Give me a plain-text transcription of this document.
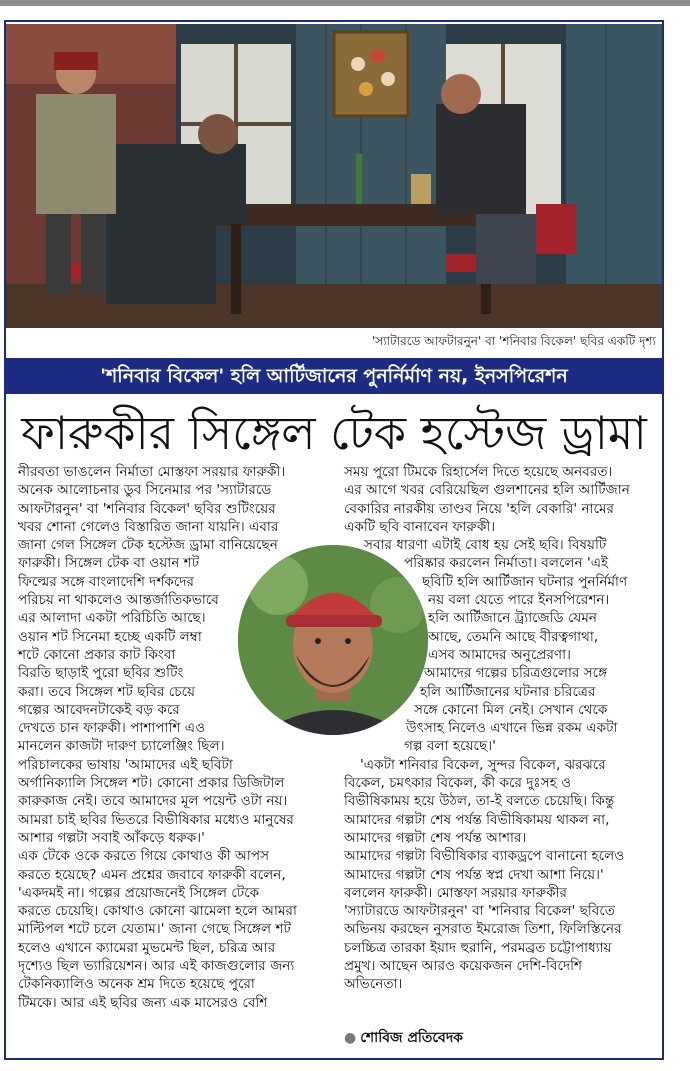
'স্যাটারডে আফটারনুন' বা 'শনিবার বিকেল' ছবির একটি দৃশ্য
'শনিবার বিকেল' হলি আর্টিজানের পুনর্নির্মাণ নয়, ইনসপিরেশন
ফারুকীর সিঙ্গেল টেক হস্টেজ ড্রামা

নীরবতা ভাঙলেন নির্মাতা মোস্তফা সরয়ার ফারুকী।
অনেক আলোচনার ডুব সিনেমার পর 'স্যাটারডে
আফটারনুন' বা 'শনিবার বিকেল' ছবির শুটিংয়ের
খবর শোনা গেলেও বিস্তারিত জানা যায়নি। এবার
জানা গেল সিঙ্গেল টেক হস্টেজ ড্রামা বানিয়েছেন
ফারুকী। সিঙ্গেল টেক বা ওয়ান শট
ফিল্মের সঙ্গে বাংলাদেশি দর্শকদের
পরিচয় না থাকলেও আন্তর্জাতিকভাবে
এর আলাদা একটা পরিচিতি আছে।
ওয়ান শট সিনেমা হচ্ছে একটি লম্বা
শটে কোনো প্রকার কাট কিংবা
বিরতি ছাড়াই পুরো ছবির শুটিং
করা। তবে সিঙ্গেল শট ছবির চেয়ে
গল্পের আবেদনটাকেই বড় করে
দেখতে চান ফারুকী। পাশাপাশি এও
মানলেন কাজটা দারুণ চ্যালেঞ্জিং ছিল।
পরিচালকের ভাষায় 'আমাদের এই ছবিটা
অর্গানিক্যালি সিঙ্গেল শট। কোনো প্রকার ডিজিটাল
কারুকাজ নেই। তবে আমাদের মূল পয়েন্ট ওটা নয়।
আমরা চাই ছবির ভিতরে বিভীষিকার মধ্যেও মানুষের
আশার গল্পটা সবাই আঁকড়ে ধরুক।'
এক টেকে ওকে করতে গিয়ে কোথাও কী আপস
করতে হয়েছে? এমন প্রশ্নের জবাবে ফারুকী বলেন,
'একদমই না। গল্পের প্রয়োজনেই সিঙ্গেল টেকে
করতে চেয়েছি। কোথাও কোনো ঝামেলা হলে আমরা
মাল্টিপল শটে চলে যেতাম।' জানা গেছে সিঙ্গেল শট
হলেও এখানে ক্যামেরা মুভমেন্ট ছিল, চরিত্র আর
দৃশ্যেও ছিল ভ্যারিয়েশন। আর এই কাজগুলোর জন্য
টেকনিক্যালিও অনেক শ্রম দিতে হয়েছে পুরো
টিমকে। আর এই ছবির জন্য এক মাসেরও বেশি

সময় পুরো টিমকে রিহার্সেল দিতে হয়েছে অনবরত।
এর আগে খবর বেরিয়েছিল গুলশানের হলি আর্টিজান
বেকারির নারকীয় তাণ্ডব নিয়ে 'হলি বেকারি' নামের
একটি ছবি বানাবেন ফারুকী।
সবার ধারণা এটাই বোধ হয় সেই ছবি। বিষয়টি
পরিষ্কার করলেন নির্মাতা। বললেন 'এই
ছবিটি হলি আর্টিজান ঘটনার পুনর্নির্মাণ
নয় বলা যেতে পারে ইনসপিরেশন।
হলি আর্টিজানে ট্র্যাজেডি যেমন
আছে, তেমনি আছে বীরত্বগাথা,
এসব আমাদের অনুপ্রেরণা।
আমাদের গল্পের চরিত্রগুলোর সঙ্গে
হলি আর্টিজানের ঘটনার চরিত্রের
সঙ্গে কোনো মিল নেই। সেখান থেকে
উৎসাহ নিলেও এখানে ভিন্ন রকম একটা
গল্প বলা হয়েছে।'
'একটা শনিবার বিকেল, সুন্দর বিকেল, ঝরঝরে
বিকেল, চমৎকার বিকেল, কী করে দুঃসহ ও
বিভীষিকাময় হয়ে উঠল, তা-ই বলতে চেয়েছি। কিন্তু
আমাদের গল্পটা শেষ পর্যন্ত বিভীষিকাময় থাকল না,
আমাদের গল্পটা শেষ পর্যন্ত আশার।
আমাদের গল্পটা বিভীষিকার ব্যাকড্রপে বানানো হলেও
আমাদের গল্পটা শেষ পর্যন্ত স্বপ্ন দেখা আশা নিয়ে।'
বললেন ফারুকী। মোস্তফা সরয়ার ফারুকীর
'স্যাটারডে আফটারনুন' বা 'শনিবার বিকেল' ছবিতে
অভিনয় করছেন নুসরাত ইমরোজ তিশা, ফিলিস্তিনের
চলচ্চিত্র তারকা ইয়াদ হুরানি, পরমব্রত চট্টোপাধ্যায়
প্রমুখ। আছেন আরও কয়েকজন দেশি-বিদেশি
অভিনেতা।

● শোবিজ প্রতিবেদক
